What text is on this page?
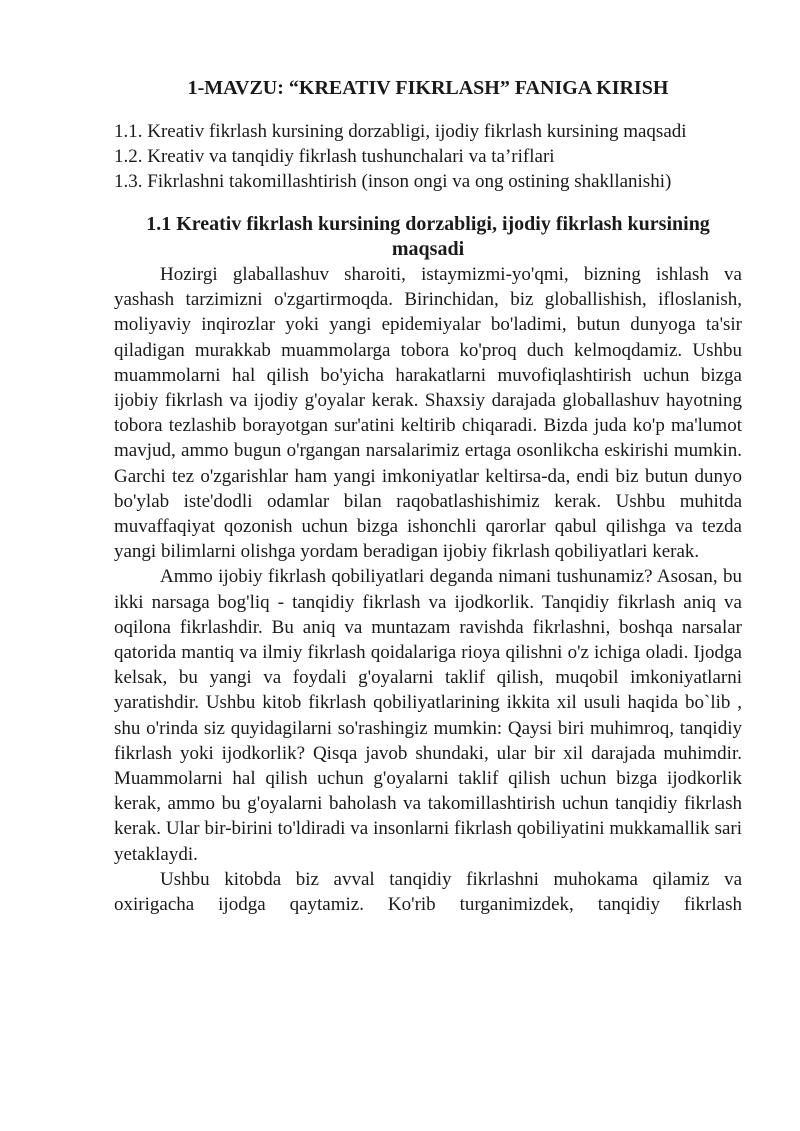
1-MAVZU: “KREATIV FIKRLASH” FANIGA KIRISH

1.1. Kreativ fikrlash kursining dorzabligi, ijodiy fikrlash kursining maqsadi

1.2. Kreativ va tanqidiy fikrlash tushunchalari va ta’riflari

1.3. Fikrlashni takomillashtirish (inson ongi va ong ostining shakllanishi)

1.1 Kreativ fikrlash kursining dorzabligi, ijodiy fikrlash kursining maqsadi

Hozirgi glaballashuv sharoiti, istaymizmi-yo'qmi, bizning ishlash va yashash tarzimizni o'zgartirmoqda. Birinchidan, biz globallishish, ifloslanish, moliyaviy inqirozlar yoki yangi epidemiyalar bo'ladimi, butun dunyoga ta'sir qiladigan murakkab muammolarga tobora ko'proq duch kelmoqdamiz. Ushbu muammolarni hal qilish bo'yicha harakatlarni muvofiqlashtirish uchun bizga ijobiy fikrlash va ijodiy g'oyalar kerak. Shaxsiy darajada globallashuv hayotning tobora tezlashib borayotgan sur'atini keltirib chiqaradi. Bizda juda ko'p ma'lumot mavjud, ammo bugun o'rgangan narsalarimiz ertaga osonlikcha eskirishi mumkin. Garchi tez o'zgarishlar ham yangi imkoniyatlar keltirsa-da, endi biz butun dunyo bo'ylab iste'dodli odamlar bilan raqobatlashishimiz kerak. Ushbu muhitda muvaffaqiyat qozonish uchun bizga ishonchli qarorlar qabul qilishga va tezda yangi bilimlarni olishga yordam beradigan ijobiy fikrlash qobiliyatlari kerak.

Ammo ijobiy fikrlash qobiliyatlari deganda nimani tushunamiz? Asosan, bu ikki narsaga bog'liq - tanqidiy fikrlash va ijodkorlik. Tanqidiy fikrlash aniq va oqilona fikrlashdir. Bu aniq va muntazam ravishda fikrlashni, boshqa narsalar qatorida mantiq va ilmiy fikrlash qoidalariga rioya qilishni o'z ichiga oladi. Ijodga kelsak, bu yangi va foydali g'oyalarni taklif qilish, muqobil imkoniyatlarni yaratishdir. Ushbu kitob fikrlash qobiliyatlarining ikkita xil usuli haqida bo`lib , shu o'rinda siz quyidagilarni so'rashingiz mumkin: Qaysi biri muhimroq, tanqidiy fikrlash yoki ijodkorlik? Qisqa javob shundaki, ular bir xil darajada muhimdir. Muammolarni hal qilish uchun g'oyalarni taklif qilish uchun bizga ijodkorlik kerak, ammo bu g'oyalarni baholash va takomillashtirish uchun tanqidiy fikrlash kerak. Ular bir-birini to'ldiradi va insonlarni fikrlash qobiliyatini mukkamallik sari yetaklaydi.

Ushbu kitobda biz avval tanqidiy fikrlashni muhokama qilamiz va oxirigacha ijodga qaytamiz. Ko'rib turganimizdek, tanqidiy fikrlash
